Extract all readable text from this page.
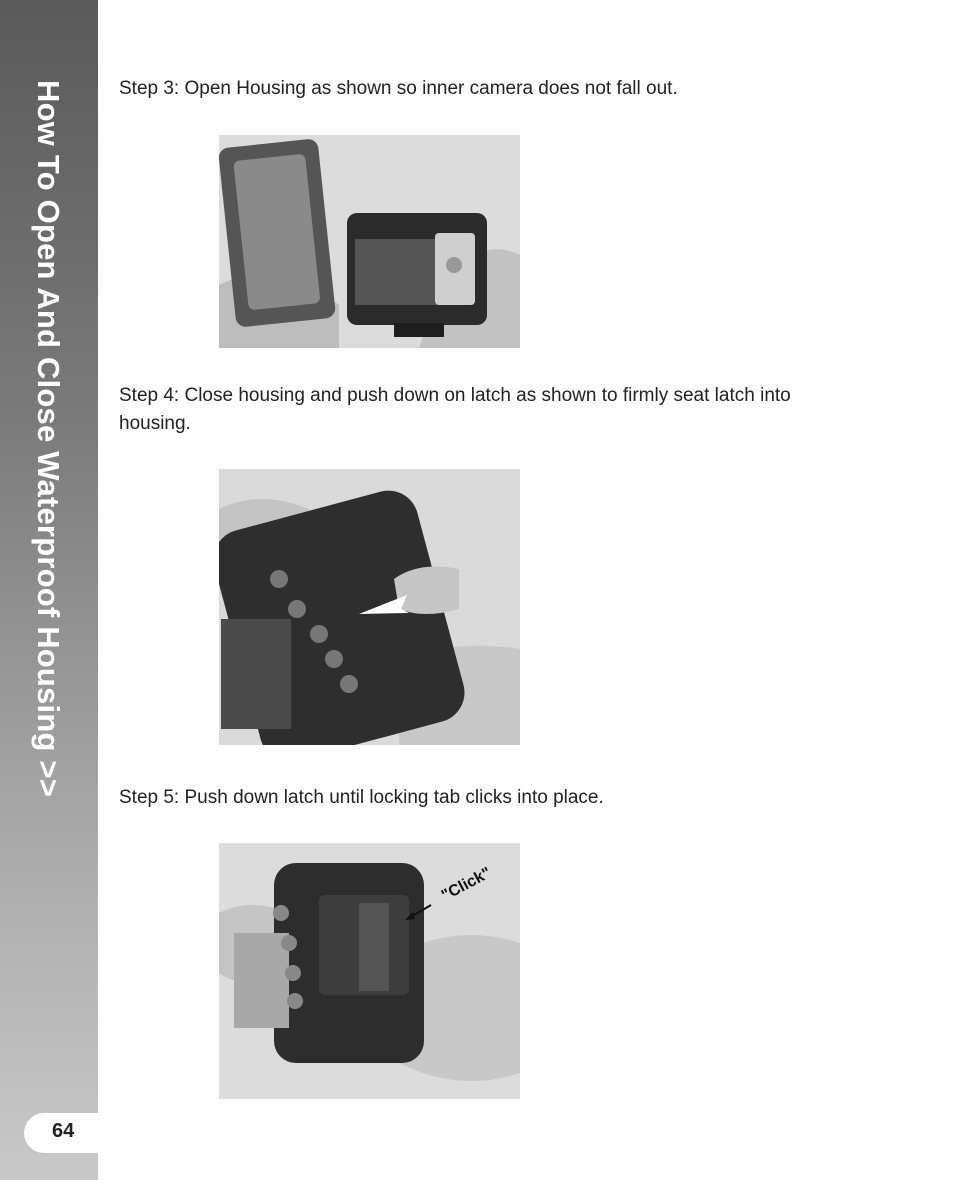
How To Open And Close Waterproof Housing >>
64
Step 3: Open Housing as shown so inner camera does not fall out.
Step 4: Close housing and push down on latch as shown to firmly seat latch into housing.
Step 5: Push down latch until locking tab clicks into place.
"Click"
